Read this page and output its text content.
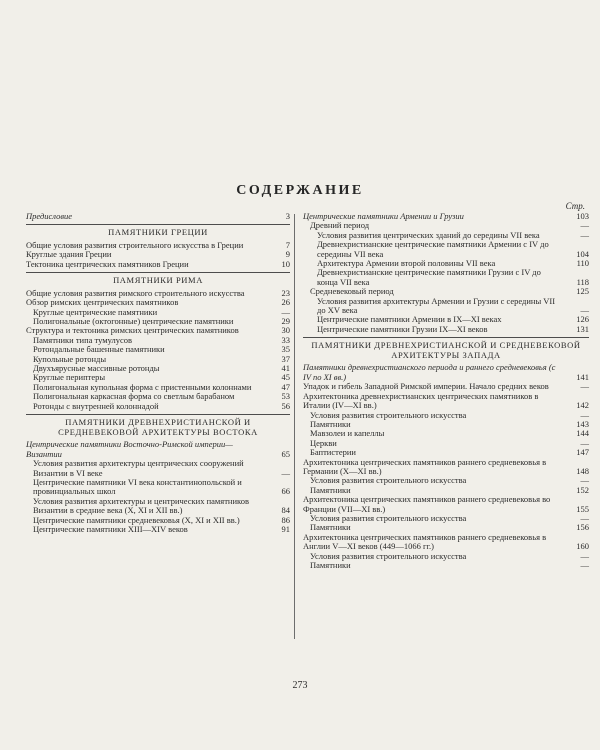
СОДЕРЖАНИЕ
Стр.
Предисловие	3
ПАМЯТНИКИ ГРЕЦИИ
Общие условия развития строительного искусства в Греции	7
Круглые здания Греции	9
Тектоника центрических памятников Греции	10
ПАМЯТНИКИ РИМА
Общие условия развития римского строительного искусства	23
Обзор римских центрических памятников	26
Круглые центрические памятники	—
Полигональные (октогонные) центрические памятники	29
Структура и тектоника римских центрических памятников	30
Памятники типа тумулусов	33
Ротондальные башенные памятники	35
Купольные ротонды	37
Двухъярусные массивные ротонды	41
Круглые периптеры	45
Полигональная купольная форма с пристенными колоннами	47
Полигональная каркасная форма со светлым барабаном	53
Ротонды с внутренней колоннадой	56
ПАМЯТНИКИ ДРЕВНЕХРИСТИАНСКОЙ И СРЕДНЕВЕКОВОЙ АРХИТЕКТУРЫ ВОСТОКА
Центрические памятники Восточно-Римской империи—Византии	65
Условия развития архитектуры центрических сооружений Византии в VI веке	—
Центрические памятники VI века константинопольской и провинциальных школ	66
Условия развития архитектуры и центрических памятников Византии в средние века (X, XI и XII вв.)	84
Центрические памятники средневековья (X, XI и XII вв.)	86
Центрические памятники XIII—XIV веков	91
Центрические памятники Армении и Грузии	103
Древний период	—
Условия развития центрических зданий до середины VII века	—
Древнехристианские центрические памятники Армении с IV до середины VII века	104
Архитектура Армении второй половины VII века	110
Древнехристианские центрические памятники Грузии с IV до конца VII века	118
Средневековый период	125
Условия развития архитектуры Армении и Грузии с середины VII до XV века	—
Центрические памятники Армении в IX—XI веках	126
Центрические памятники Грузии IX—XI веков	131
ПАМЯТНИКИ ДРЕВНЕХРИСТИАНСКОЙ И СРЕДНЕВЕКОВОЙ АРХИТЕКТУРЫ ЗАПАДА
Памятники древнехристианского периода и раннего средневековья (с IV по XI вв.)	141
Упадок и гибель Западной Римской империи. Начало средних веков	—
Архитектоника древнехристианских центрических памятников в Италии (IV—XI вв.)	142
Условия развития строительного искусства	—
Памятники	143
Мавзолеи и капеллы	144
Церкви	—
Баптистерии	147
Архитектоника центрических памятников раннего средневековья в Германии (X—XI вв.)	148
Условия развития строительного искусства	—
Памятники	152
Архитектоника центрических памятников раннего средневековья во Франции (VII—XI вв.)	155
Условия развития строительного искусства	—
Памятники	156
Архитектоника центрических памятников раннего средневековья в Англии V—XI веков (449—1066 гг.)	160
Условия развития строительного искусства	—
Памятники	—
273
